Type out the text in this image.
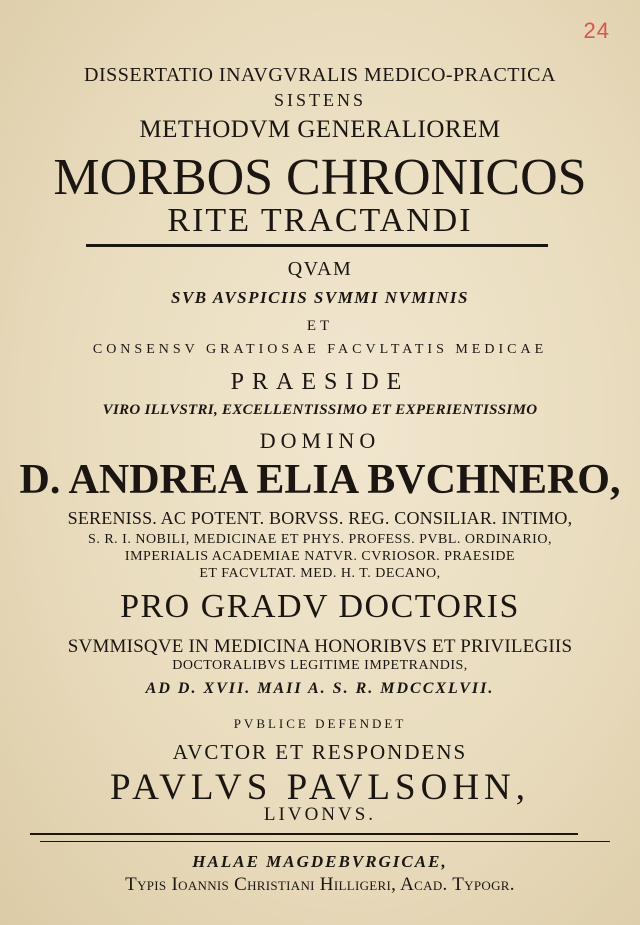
24
DISSERTATIO INAVGVRALIS MEDICO-PRACTICA
SISTENS
METHODVM GENERALIOREM
MORBOS CHRONICOS
RITE TRACTANDI
QVAM
SVB AVSPICIIS SVMMI NVMINIS
ET
CONSENSV GRATIOSAE FACVLTATIS MEDICAE
PRAESIDE
VIRO ILLVSTRI, EXCELLENTISSIMO ET EXPERIENTISSIMO
DOMINO
D. ANDREA ELIA BVCHNERO,
SERENISS. AC POTENT. BORVSS. REG. CONSILIAR. INTIMO,
S. R. I. NOBILI, MEDICINAE ET PHYS. PROFESS. PVBL. ORDINARIO,
IMPERIALIS ACADEMIAE NATVR. CVRIOSOR. PRAESIDE
ET FACVLTAT. MED. H. T. DECANO,
PRO GRADV DOCTORIS
SVMMISQVE IN MEDICINA HONORIBVS ET PRIVILEGIIS
DOCTORALIBVS LEGITIME IMPETRANDIS,
AD D. XVII. MAII A. S. R. MDCCXLVII.
PVBLICE DEFENDET
AVCTOR ET RESPONDENS
PAVLVS PAVLSOHN,
LIVONVS.
HALAE MAGDEBVRGICAE,
Typis Ioannis Christiani Hilligeri, Acad. Typogr.
